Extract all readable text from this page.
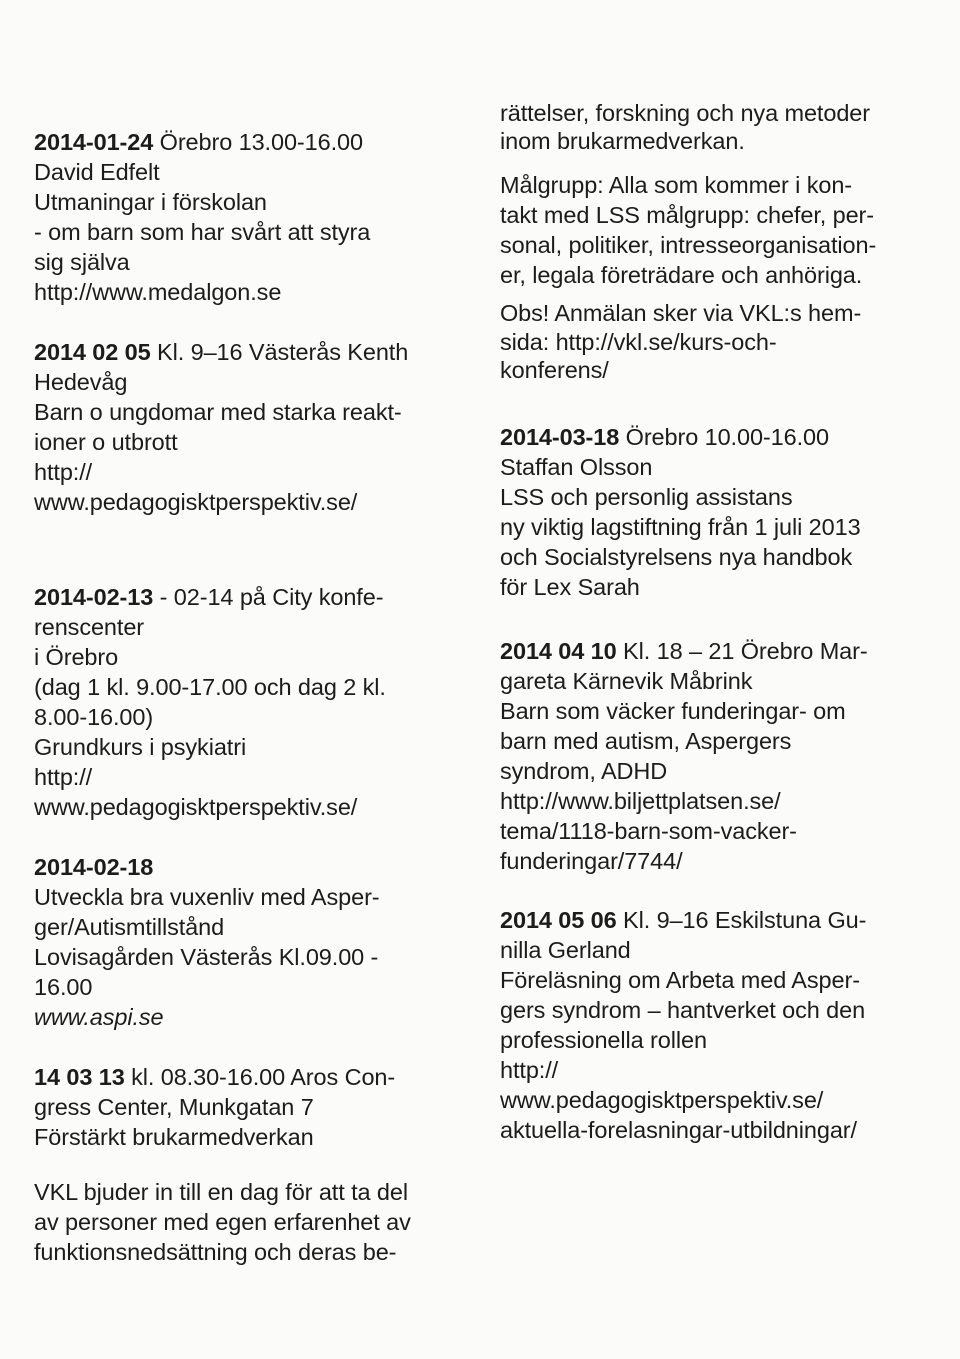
2014-01-24 Örebro 13.00-16.00
David Edfelt
Utmaningar i förskolan
- om barn som har svårt att styra
sig själva
http://www.medalgon.se
2014 02 05 Kl. 9–16 Västerås Kenth
Hedevåg
Barn o ungdomar med starka reakt-
ioner o utbrott
http://
www.pedagogisktperspektiv.se/
2014-02-13 - 02-14 på City konfe-
renscenter
i Örebro
(dag 1 kl. 9.00-17.00 och dag 2 kl.
8.00-16.00)
Grundkurs i psykiatri
http://
www.pedagogisktperspektiv.se/
2014-02-18
Utveckla bra vuxenliv med Asper-
ger/Autismtillstånd
Lovisagården Västerås Kl.09.00 -
16.00
www.aspi.se
14 03 13 kl. 08.30-16.00 Aros Con-
gress Center, Munkgatan 7
Förstärkt brukarmedverkan
VKL bjuder in till en dag för att ta del
av personer med egen erfarenhet av
funktionsnedsättning och deras be-
rättelser, forskning och nya metoder
inom brukarmedverkan.
Målgrupp: Alla som kommer i kon-
takt med LSS målgrupp: chefer, per-
sonal, politiker, intresseorganisation-
er, legala företrädare och anhöriga.
Obs! Anmälan sker via VKL:s hem-
sida: http://vkl.se/kurs-och-
konferens/
2014-03-18 Örebro 10.00-16.00
Staffan Olsson
LSS och personlig assistans
ny viktig lagstiftning från 1 juli 2013
och Socialstyrelsens nya handbok
för Lex Sarah
2014 04 10 Kl. 18 – 21 Örebro Mar-
gareta Kärnevik Måbrink
Barn som väcker funderingar- om
barn med autism, Aspergers
syndrom, ADHD
http://www.biljettplatsen.se/
tema/1118-barn-som-vacker-
funderingar/7744/
2014 05 06 Kl. 9–16 Eskilstuna Gu-
nilla Gerland
Föreläsning om Arbeta med Asper-
gers syndrom – hantverket och den
professionella rollen
http://
www.pedagogisktperspektiv.se/
aktuella-forelasningar-utbildningar/
